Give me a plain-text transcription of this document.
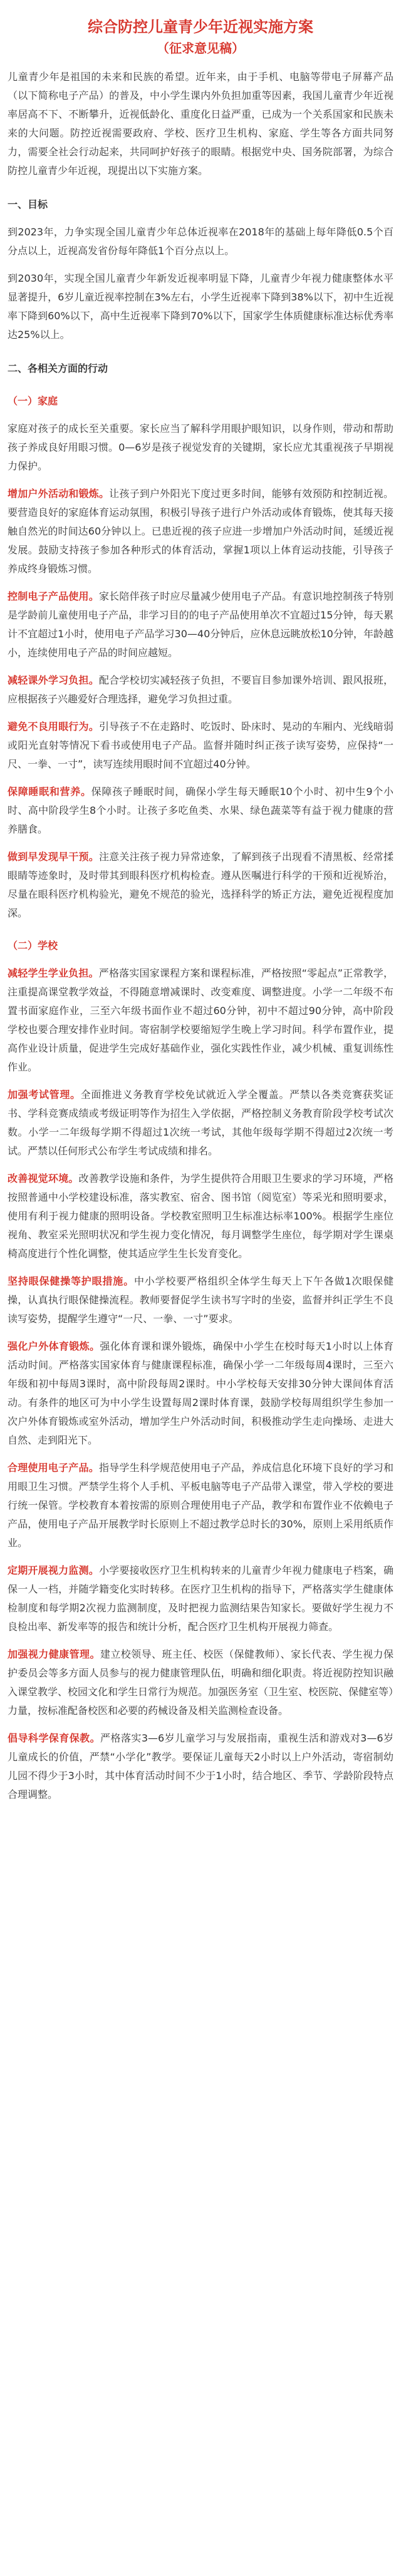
综合防控儿童青少年近视实施方案
（征求意见稿）

儿童青少年是祖国的未来和民族的希望。近年来，由于手机、电脑等带电子屏幕产品（以下简称电子产品）的普及，中小学生课内外负担加重等因素，我国儿童青少年近视率居高不下、不断攀升，近视低龄化、重度化日益严重，已成为一个关系国家和民族未来的大问题。防控近视需要政府、学校、医疗卫生机构、家庭、学生等各方面共同努力，需要全社会行动起来，共同呵护好孩子的眼睛。根据党中央、国务院部署，为综合防控儿童青少年近视，现提出以下实施方案。

一、目标

到2023年，力争实现全国儿童青少年总体近视率在2018年的基础上每年降低0.5个百分点以上，近视高发省份每年降低1个百分点以上。

到2030年，实现全国儿童青少年新发近视率明显下降，儿童青少年视力健康整体水平显著提升，6岁儿童近视率控制在3%左右，小学生近视率下降到38%以下，初中生近视率下降到60%以下，高中生近视率下降到70%以下，国家学生体质健康标准达标优秀率达25%以上。

二、各相关方面的行动
（一）家庭

家庭对孩子的成长至关重要。家长应当了解科学用眼护眼知识，以身作则，带动和帮助孩子养成良好用眼习惯。0—6岁是孩子视觉发育的关键期，家长应尤其重视孩子早期视力保护。

增加户外活动和锻炼。让孩子到户外阳光下度过更多时间，能够有效预防和控制近视。要营造良好的家庭体育运动氛围，积极引导孩子进行户外活动或体育锻炼，使其每天接触自然光的时间达60分钟以上。已患近视的孩子应进一步增加户外活动时间，延缓近视发展。鼓励支持孩子参加各种形式的体育活动，掌握1项以上体育运动技能，引导孩子养成终身锻炼习惯。

控制电子产品使用。家长陪伴孩子时应尽量减少使用电子产品。有意识地控制孩子特别是学龄前儿童使用电子产品，非学习目的的电子产品使用单次不宜超过15分钟，每天累计不宜超过1小时，使用电子产品学习30—40分钟后，应休息远眺放松10分钟，年龄越小，连续使用电子产品的时间应越短。

减轻课外学习负担。配合学校切实减轻孩子负担，不要盲目参加课外培训、跟风报班，应根据孩子兴趣爱好合理选择，避免学习负担过重。

避免不良用眼行为。引导孩子不在走路时、吃饭时、卧床时、晃动的车厢内、光线暗弱或阳光直射等情况下看书或使用电子产品。监督并随时纠正孩子读写姿势，应保持“一尺、一拳、一寸”，读写连续用眼时间不宜超过40分钟。

保障睡眠和营养。保障孩子睡眠时间，确保小学生每天睡眠10个小时、初中生9个小时、高中阶段学生8个小时。让孩子多吃鱼类、水果、绿色蔬菜等有益于视力健康的营养膳食。

做到早发现早干预。注意关注孩子视力异常迹象，了解到孩子出现看不清黑板、经常揉眼睛等迹象时，及时带其到眼科医疗机构检查。遵从医嘱进行科学的干预和近视矫治，尽量在眼科医疗机构验光，避免不规范的验光，选择科学的矫正方法，避免近视程度加深。

（二）学校

减轻学生学业负担。严格落实国家课程方案和课程标准，严格按照“零起点”正常教学，注重提高课堂教学效益，不得随意增减课时、改变难度、调整进度。小学一二年级不布置书面家庭作业，三至六年级书面作业不超过60分钟，初中不超过90分钟，高中阶段学校也要合理安排作业时间。寄宿制学校要缩短学生晚上学习时间。科学布置作业，提高作业设计质量，促进学生完成好基础作业，强化实践性作业，减少机械、重复训练性作业。

加强考试管理。全面推进义务教育学校免试就近入学全覆盖。严禁以各类竞赛获奖证书、学科竞赛成绩或考级证明等作为招生入学依据，严格控制义务教育阶段学校考试次数。小学一二年级每学期不得超过1次统一考试，其他年级每学期不得超过2次统一考试。严禁以任何形式公布学生考试成绩和排名。

改善视觉环境。改善教学设施和条件，为学生提供符合用眼卫生要求的学习环境，严格按照普通中小学校建设标准，落实教室、宿舍、图书馆（阅览室）等采光和照明要求，使用有利于视力健康的照明设备。学校教室照明卫生标准达标率100%。根据学生座位视角、教室采光照明状况和学生视力变化情况，每月调整学生座位，每学期对学生课桌椅高度进行个性化调整，使其适应学生生长发育变化。

坚持眼保健操等护眼措施。中小学校要严格组织全体学生每天上下午各做1次眼保健操，认真执行眼保健操流程。教师要督促学生读书写字时的坐姿，监督并纠正学生不良读写姿势，提醒学生遵守“一尺、一拳、一寸”要求。

强化户外体育锻炼。强化体育课和课外锻炼，确保中小学生在校时每天1小时以上体育活动时间。严格落实国家体育与健康课程标准，确保小学一二年级每周4课时，三至六年级和初中每周3课时，高中阶段每周2课时。中小学校每天安排30分钟大课间体育活动。有条件的地区可为中小学生设置每周2课时体育课，鼓励学校每周组织学生参加一次户外体育锻炼或室外活动，增加学生户外活动时间，积极推动学生走向操场、走进大自然、走到阳光下。

合理使用电子产品。指导学生科学规范使用电子产品，养成信息化环境下良好的学习和用眼卫生习惯。严禁学生将个人手机、平板电脑等电子产品带入课堂，带入学校的要进行统一保管。学校教育本着按需的原则合理使用电子产品，教学和布置作业不依赖电子产品，使用电子产品开展教学时长原则上不超过教学总时长的30%，原则上采用纸质作业。

定期开展视力监测。小学要接收医疗卫生机构转来的儿童青少年视力健康电子档案，确保一人一档，并随学籍变化实时转移。在医疗卫生机构的指导下，严格落实学生健康体检制度和每学期2次视力监测制度，及时把视力监测结果告知家长。要做好学生视力不良检出率、新发率等的报告和统计分析，配合医疗卫生机构开展视力筛查。

加强视力健康管理。建立校领导、班主任、校医（保健教师）、家长代表、学生视力保护委员会等多方面人员参与的视力健康管理队伍，明确和细化职责。将近视防控知识融入课堂教学、校园文化和学生日常行为规范。加强医务室（卫生室、校医院、保健室等）力量，按标准配备校医和必要的药械设备及相关监测检查设备。

倡导科学保育保教。严格落实3—6岁儿童学习与发展指南，重视生活和游戏对3—6岁儿童成长的价值，严禁“小学化”教学。要保证儿童每天2小时以上户外活动，寄宿制幼儿园不得少于3小时，其中体育活动时间不少于1小时，结合地区、季节、学龄阶段特点合理调整。
